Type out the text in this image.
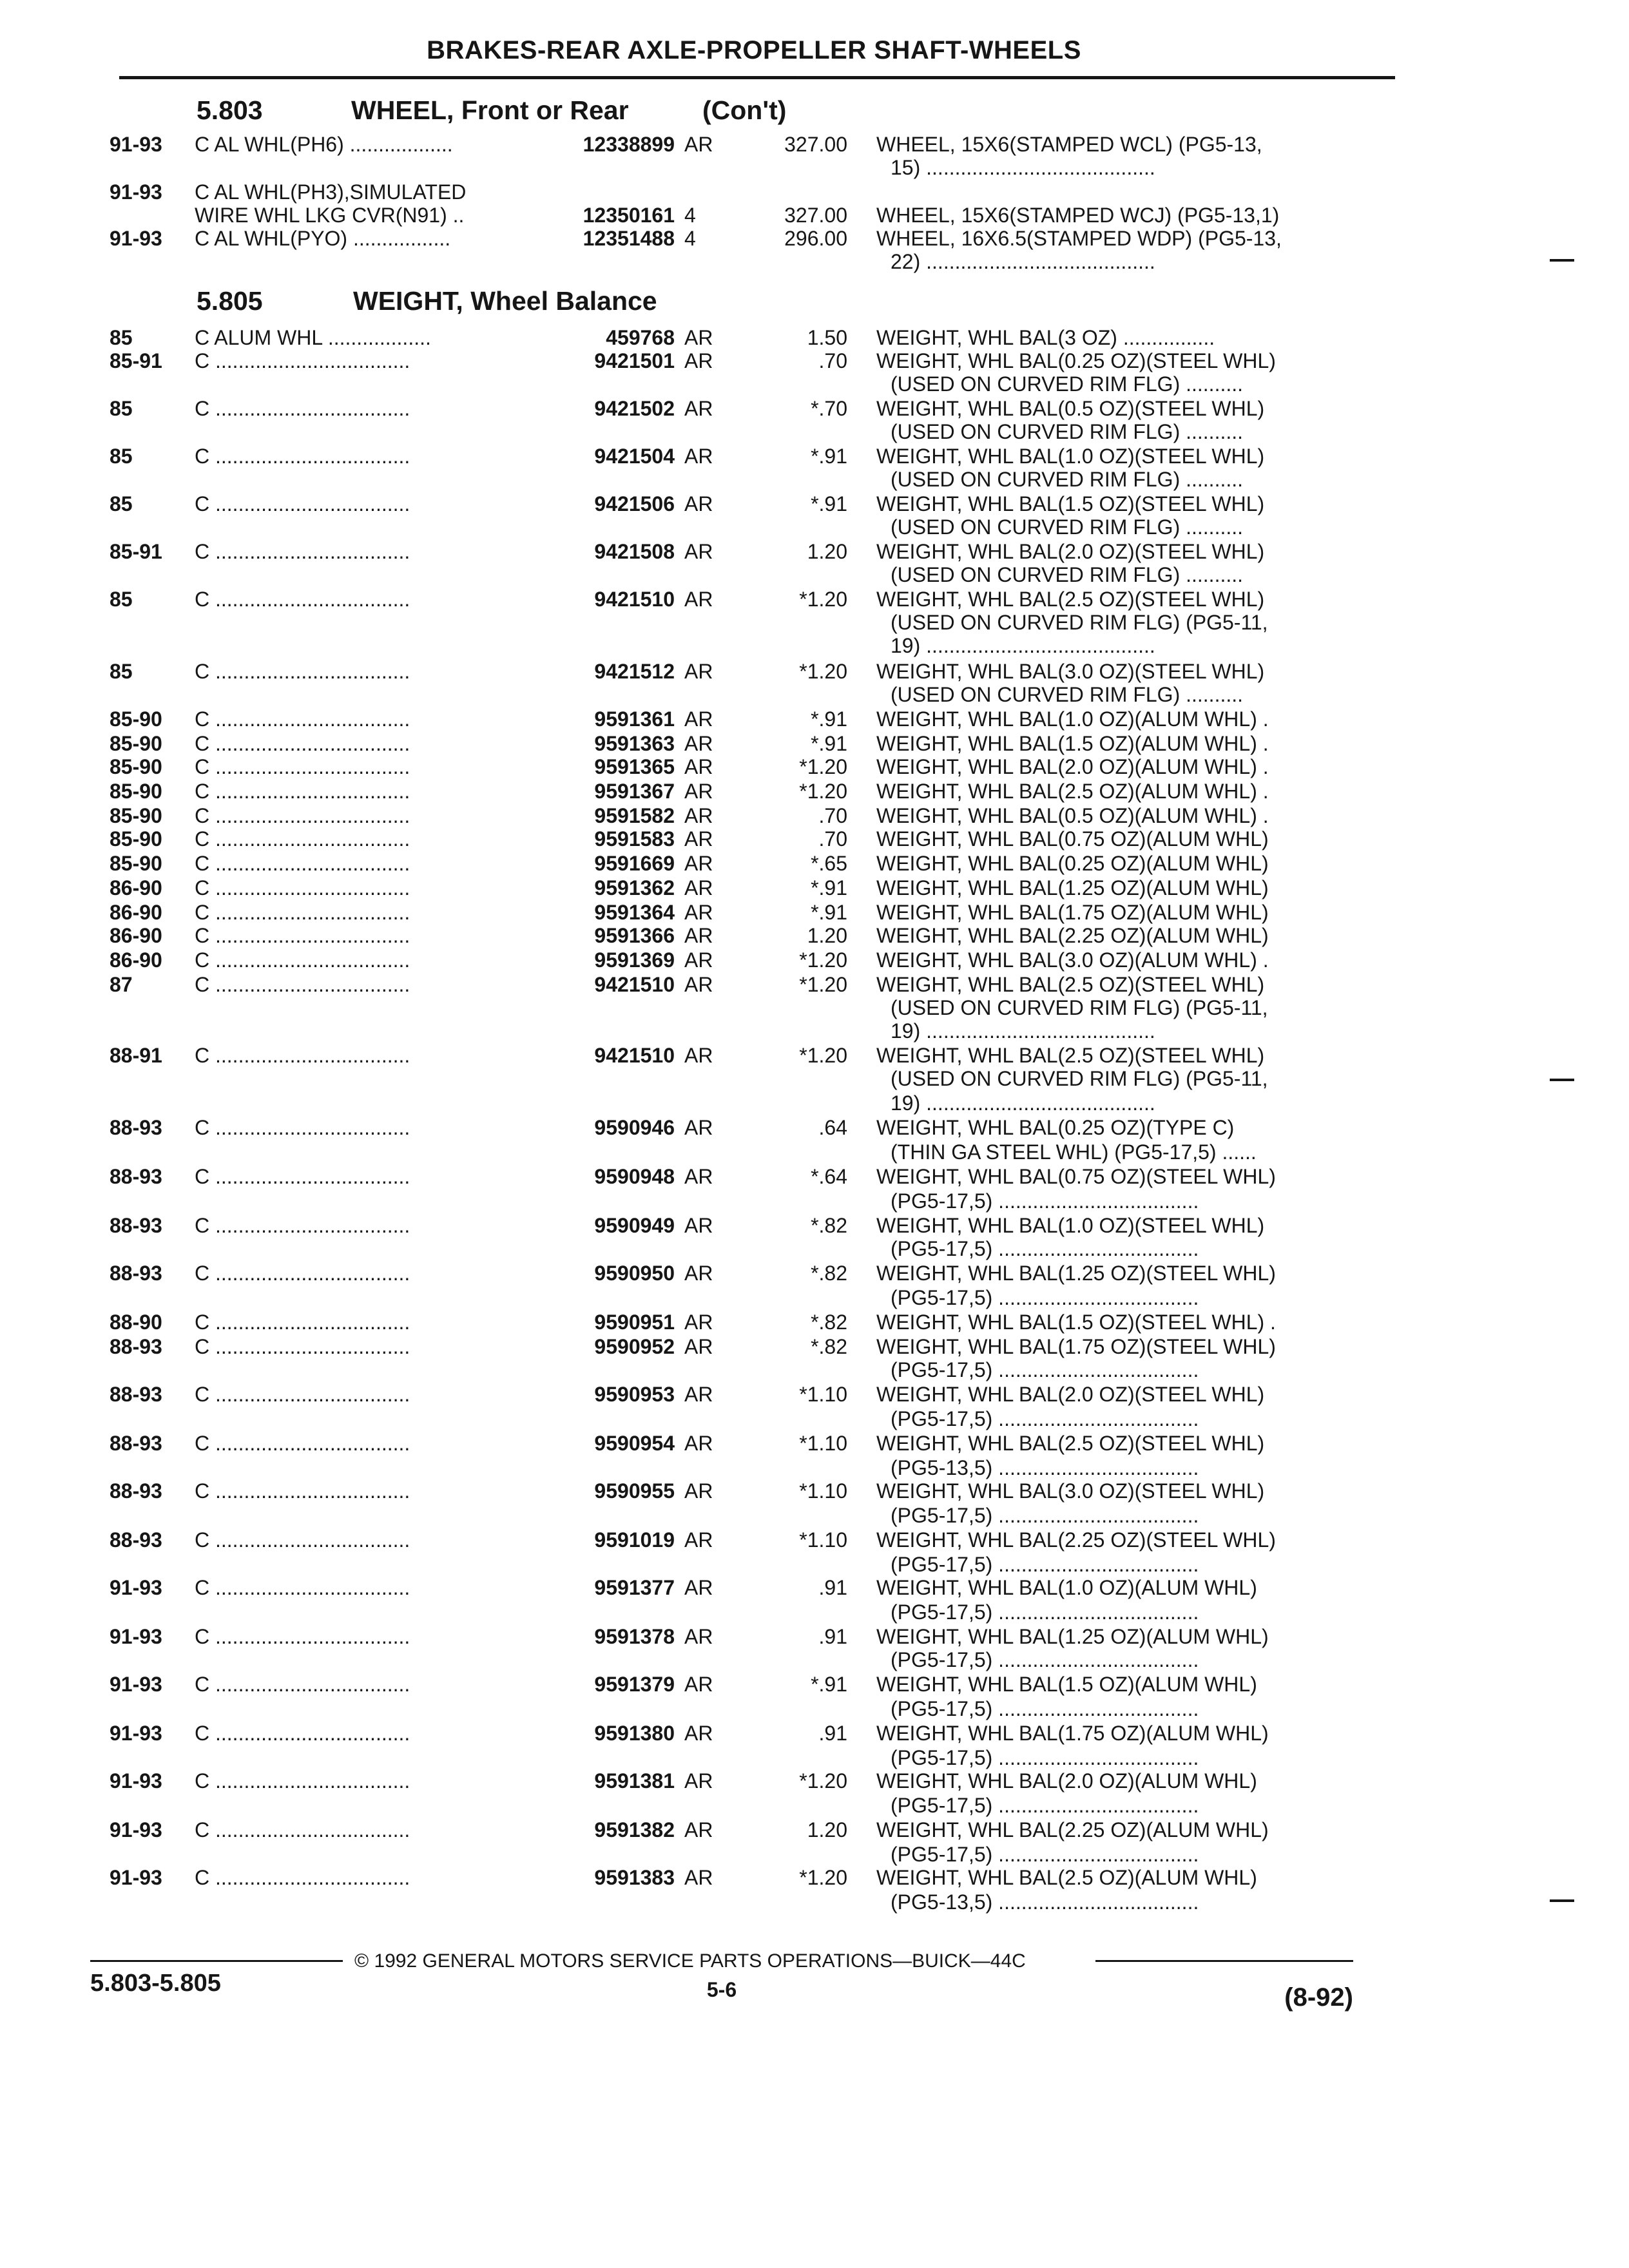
BRAKES-REAR AXLE-PROPELLER SHAFT-WHEELS
5.803	WHEEL, Front or Rear	(Con't)
5.805	WEIGHT, Wheel Balance
91-93	C AL WHL(PH6) ..................	12338899 AR	327.00 WHEEL, 15X6(STAMPED WCL) (PG5-13,
15) ........................................
91-93	C AL WHL(PH3),SIMULATED
WIRE WHL LKG CVR(N91) ..	12350161 4	327.00 WHEEL, 15X6(STAMPED WCJ) (PG5-13,1)
91-93	C AL WHL(PYO) .................	12351488 4	296.00 WHEEL, 16X6.5(STAMPED WDP) (PG5-13,
22) ........................................
85	C ALUM WHL ..................	459768 AR	1.50 WEIGHT, WHL BAL(3 OZ) ................
85-91	C ..................................	9421501 AR	.70 WEIGHT, WHL BAL(0.25 OZ)(STEEL WHL)
(USED ON CURVED RIM FLG) ..........
85	C ..................................	9421502 AR	*.70 WEIGHT, WHL BAL(0.5 OZ)(STEEL WHL)
(USED ON CURVED RIM FLG) ..........
85	C ..................................	9421504 AR	*.91 WEIGHT, WHL BAL(1.0 OZ)(STEEL WHL)
(USED ON CURVED RIM FLG) ..........
85	C ..................................	9421506 AR	*.91 WEIGHT, WHL BAL(1.5 OZ)(STEEL WHL)
(USED ON CURVED RIM FLG) ..........
85-91	C ..................................	9421508 AR	1.20 WEIGHT, WHL BAL(2.0 OZ)(STEEL WHL)
(USED ON CURVED RIM FLG) ..........
85	C ..................................	9421510 AR	*1.20 WEIGHT, WHL BAL(2.5 OZ)(STEEL WHL)
(USED ON CURVED RIM FLG) (PG5-11,
19) ........................................
85	C ..................................	9421512 AR	*1.20 WEIGHT, WHL BAL(3.0 OZ)(STEEL WHL)
(USED ON CURVED RIM FLG) ..........
85-90	C ..................................	9591361 AR	*.91 WEIGHT, WHL BAL(1.0 OZ)(ALUM WHL) .
85-90	C ..................................	9591363 AR	*.91 WEIGHT, WHL BAL(1.5 OZ)(ALUM WHL) .
85-90	C ..................................	9591365 AR	*1.20 WEIGHT, WHL BAL(2.0 OZ)(ALUM WHL) .
85-90	C ..................................	9591367 AR	*1.20 WEIGHT, WHL BAL(2.5 OZ)(ALUM WHL) .
85-90	C ..................................	9591582 AR	.70 WEIGHT, WHL BAL(0.5 OZ)(ALUM WHL) .
85-90	C ..................................	9591583 AR	.70 WEIGHT, WHL BAL(0.75 OZ)(ALUM WHL)
85-90	C ..................................	9591669 AR	*.65 WEIGHT, WHL BAL(0.25 OZ)(ALUM WHL)
86-90	C ..................................	9591362 AR	*.91 WEIGHT, WHL BAL(1.25 OZ)(ALUM WHL)
86-90	C ..................................	9591364 AR	*.91 WEIGHT, WHL BAL(1.75 OZ)(ALUM WHL)
86-90	C ..................................	9591366 AR	1.20 WEIGHT, WHL BAL(2.25 OZ)(ALUM WHL)
86-90	C ..................................	9591369 AR	*1.20 WEIGHT, WHL BAL(3.0 OZ)(ALUM WHL) .
87	C ..................................	9421510 AR	*1.20 WEIGHT, WHL BAL(2.5 OZ)(STEEL WHL)
(USED ON CURVED RIM FLG) (PG5-11,
19) ........................................
88-91	C ..................................	9421510 AR	*1.20 WEIGHT, WHL BAL(2.5 OZ)(STEEL WHL)
(USED ON CURVED RIM FLG) (PG5-11,
19) ........................................
88-93	C ..................................	9590946 AR	.64 WEIGHT, WHL BAL(0.25 OZ)(TYPE C)
(THIN GA STEEL WHL) (PG5-17,5) ......
88-93	C ..................................	9590948 AR	*.64 WEIGHT, WHL BAL(0.75 OZ)(STEEL WHL)
(PG5-17,5) ...................................
88-93	C ..................................	9590949 AR	*.82 WEIGHT, WHL BAL(1.0 OZ)(STEEL WHL)
(PG5-17,5) ...................................
88-93	C ..................................	9590950 AR	*.82 WEIGHT, WHL BAL(1.25 OZ)(STEEL WHL)
(PG5-17,5) ...................................
88-90	C ..................................	9590951 AR	*.82 WEIGHT, WHL BAL(1.5 OZ)(STEEL WHL) .
88-93	C ..................................	9590952 AR	*.82 WEIGHT, WHL BAL(1.75 OZ)(STEEL WHL)
(PG5-17,5) ...................................
88-93	C ..................................	9590953 AR	*1.10 WEIGHT, WHL BAL(2.0 OZ)(STEEL WHL)
(PG5-17,5) ...................................
88-93	C ..................................	9590954 AR	*1.10 WEIGHT, WHL BAL(2.5 OZ)(STEEL WHL)
(PG5-13,5) ...................................
88-93	C ..................................	9590955 AR	*1.10 WEIGHT, WHL BAL(3.0 OZ)(STEEL WHL)
(PG5-17,5) ...................................
88-93	C ..................................	9591019 AR	*1.10 WEIGHT, WHL BAL(2.25 OZ)(STEEL WHL)
(PG5-17,5) ...................................
91-93	C ..................................	9591377 AR	.91 WEIGHT, WHL BAL(1.0 OZ)(ALUM WHL)
(PG5-17,5) ...................................
91-93	C ..................................	9591378 AR	.91 WEIGHT, WHL BAL(1.25 OZ)(ALUM WHL)
(PG5-17,5) ...................................
91-93	C ..................................	9591379 AR	*.91 WEIGHT, WHL BAL(1.5 OZ)(ALUM WHL)
(PG5-17,5) ...................................
91-93	C ..................................	9591380 AR	.91 WEIGHT, WHL BAL(1.75 OZ)(ALUM WHL)
(PG5-17,5) ...................................
91-93	C ..................................	9591381 AR	*1.20 WEIGHT, WHL BAL(2.0 OZ)(ALUM WHL)
(PG5-17,5) ...................................
91-93	C ..................................	9591382 AR	1.20 WEIGHT, WHL BAL(2.25 OZ)(ALUM WHL)
(PG5-17,5) ...................................
91-93	C ..................................	9591383 AR	*1.20 WEIGHT, WHL BAL(2.5 OZ)(ALUM WHL)
(PG5-13,5) ...................................
© 1992 GENERAL MOTORS SERVICE PARTS OPERATIONS—BUICK—44C
5.803-5.805	5-6	(8-92)
